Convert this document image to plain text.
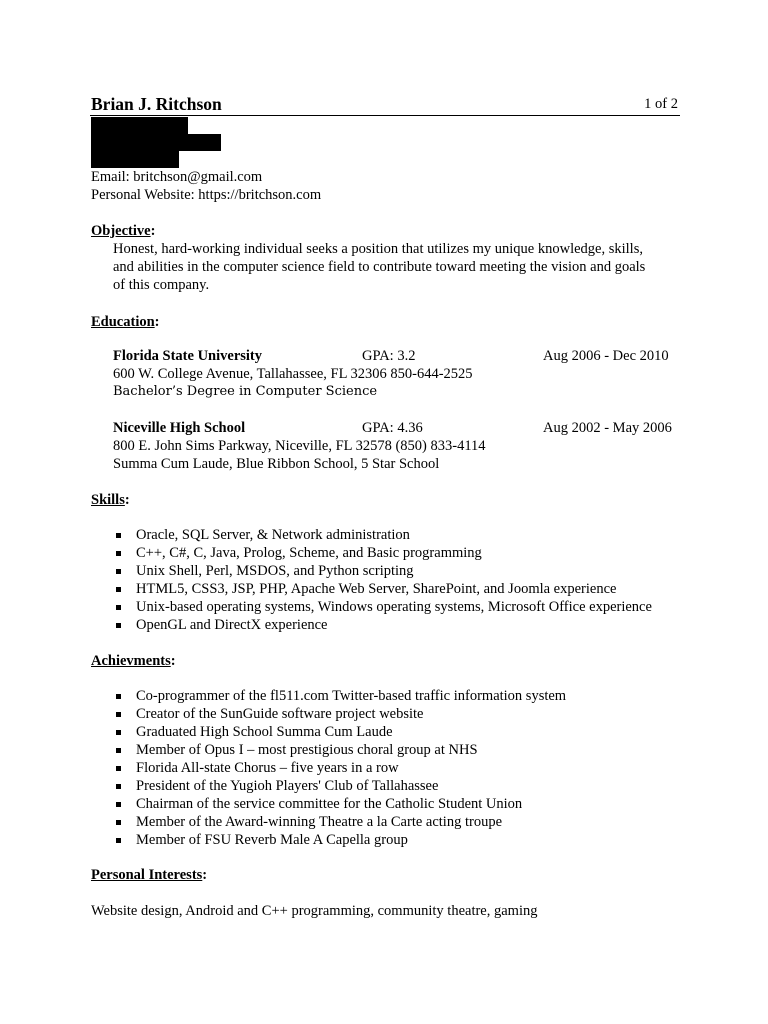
Brian J. Ritchson	1 of 2
Email: britchson@gmail.com
Personal Website: https://britchson.com
Objective:
Honest, hard-working individual seeks a position that utilizes my unique knowledge, skills,
and abilities in the computer science field to contribute toward meeting the vision and goals
of this company.
Education:
Florida State University	GPA: 3.2	Aug 2006 - Dec 2010
600 W. College Avenue, Tallahassee, FL 32306 850-644-2525
Bachelor’s Degree in Computer Science
Niceville High School	GPA: 4.36	Aug 2002 - May 2006
800 E. John Sims Parkway, Niceville, FL 32578 (850) 833-4114
Summa Cum Laude, Blue Ribbon School, 5 Star School
Skills:
Oracle, SQL Server, & Network administration
C++, C#, C, Java, Prolog, Scheme, and Basic programming
Unix Shell, Perl, MSDOS, and Python scripting
HTML5, CSS3, JSP, PHP, Apache Web Server, SharePoint, and Joomla experience
Unix-based operating systems, Windows operating systems, Microsoft Office experience
OpenGL and DirectX experience
Achievments:
Co-programmer of the fl511.com Twitter-based traffic information system
Creator of the SunGuide software project website
Graduated High School Summa Cum Laude
Member of Opus I – most prestigious choral group at NHS
Florida All-state Chorus – five years in a row
President of the Yugioh Players' Club of Tallahassee
Chairman of the service committee for the Catholic Student Union
Member of the Award-winning Theatre a la Carte acting troupe
Member of FSU Reverb Male A Capella group
Personal Interests:
Website design, Android and C++ programming, community theatre, gaming
